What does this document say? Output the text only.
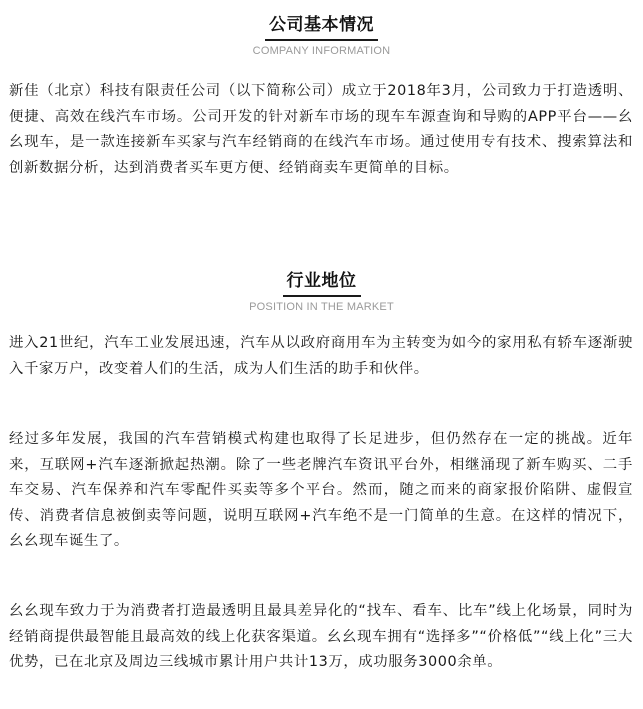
公司基本情况
COMPANY INFORMATION

新佳（北京）科技有限责任公司（以下简称公司）成立于2018年3月，公司致力于打造透明、便捷、高效在线汽车市场。公司开发的针对新车市场的现车车源查询和导购的APP平台——幺幺现车，是一款连接新车买家与汽车经销商的在线汽车市场。通过使用专有技术、搜索算法和创新数据分析，达到消费者买车更方便、经销商卖车更简单的目标。

行业地位
POSITION IN THE MARKET

进入21世纪，汽车工业发展迅速，汽车从以政府商用车为主转变为如今的家用私有轿车逐渐驶入千家万户，改变着人们的生活，成为人们生活的助手和伙伴。

经过多年发展，我国的汽车营销模式构建也取得了长足进步，但仍然存在一定的挑战。近年来，互联网+汽车逐渐掀起热潮。除了一些老牌汽车资讯平台外，相继涌现了新车购买、二手车交易、汽车保养和汽车零配件买卖等多个平台。然而，随之而来的商家报价陷阱、虚假宣传、消费者信息被倒卖等问题，说明互联网+汽车绝不是一门简单的生意。在这样的情况下，幺幺现车诞生了。

幺幺现车致力于为消费者打造最透明且最具差异化的“找车、看车、比车”线上化场景，同时为经销商提供最智能且最高效的线上化获客渠道。幺幺现车拥有“选择多”“价格低”“线上化”三大优势，已在北京及周边三线城市累计用户共计13万，成功服务3000余单。
